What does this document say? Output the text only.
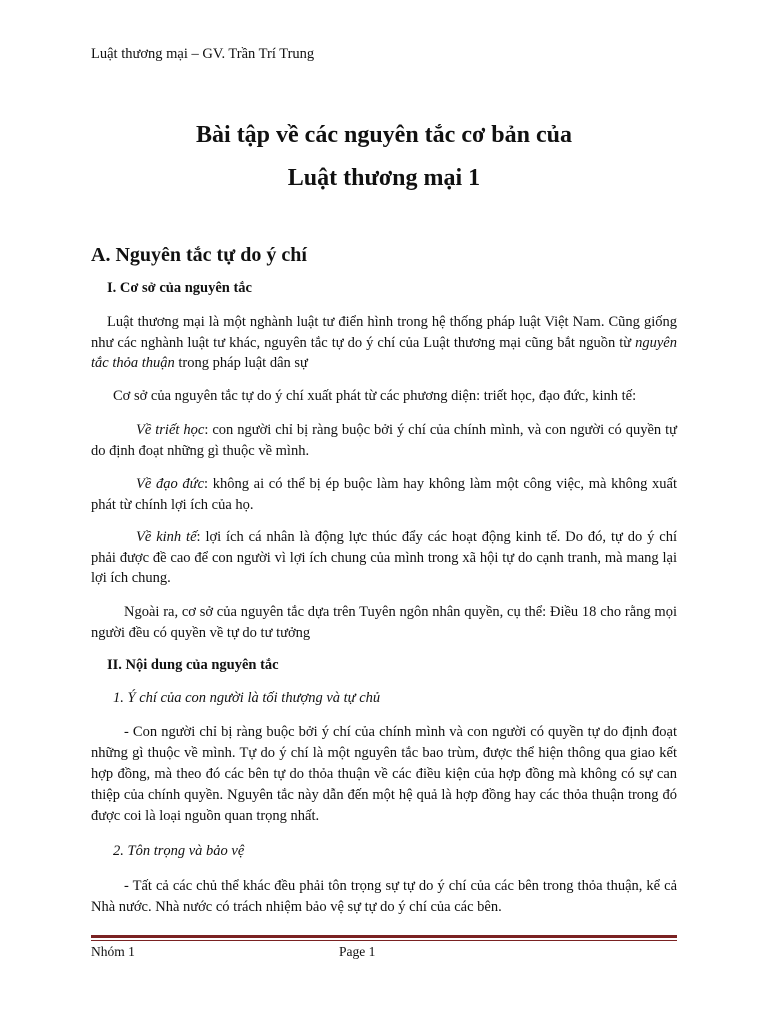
Luật thương mại – GV. Trần Trí Trung
Bài tập về các nguyên tắc cơ bản của
Luật thương mại 1
A. Nguyên tắc tự do ý chí
I. Cơ sở của nguyên tắc
Luật thương mại là một nghành luật tư điển hình trong hệ thống pháp luật Việt Nam. Cũng giống như các nghành luật tư khác, nguyên tắc tự do ý chí của Luật thương mại cũng bắt nguồn từ nguyên tắc thỏa thuận trong pháp luật dân sự
Cơ sở của nguyên tắc tự do ý chí xuất phát từ các phương diện: triết học, đạo đức, kinh tế:
Về triết học: con người chỉ bị ràng buộc bởi ý chí của chính mình, và con người có quyền tự do định đoạt những gì thuộc về mình.
Về đạo đức: không ai có thể bị ép buộc làm hay không làm một công việc, mà không xuất phát từ chính lợi ích của họ.
Về kinh tế: lợi ích cá nhân là động lực thúc đẩy các hoạt động kinh tế. Do đó, tự do ý chí phải được đề cao để con người vì lợi ích chung của mình trong xã hội tự do cạnh tranh, mà mang lại lợi ích chung.
Ngoài ra, cơ sở của nguyên tắc dựa trên Tuyên ngôn nhân quyền, cụ thể: Điều 18 cho rằng mọi người đều có quyền về tự do tư tưởng
II. Nội dung của nguyên tắc
1. Ý chí của con người là tối thượng và tự chủ
- Con người chỉ bị ràng buộc bởi ý chí của chính mình và con người có quyền tự do định đoạt những gì thuộc về mình. Tự do ý chí là một nguyên tắc bao trùm, được thể hiện thông qua giao kết hợp đồng, mà theo đó các bên tự do thỏa thuận về các điều kiện của hợp đồng mà không có sự can thiệp của chính quyền. Nguyên tắc này dẫn đến một hệ quả là hợp đồng hay các thỏa thuận trong đó được coi là loại nguồn quan trọng nhất.
2. Tôn trọng và bảo vệ
- Tất cả các chủ thể khác đều phải tôn trọng sự tự do ý chí của các bên trong thỏa thuận, kể cả Nhà nước. Nhà nước có trách nhiệm bảo vệ sự tự do ý chí của các bên.
Nhóm 1	Page 1
